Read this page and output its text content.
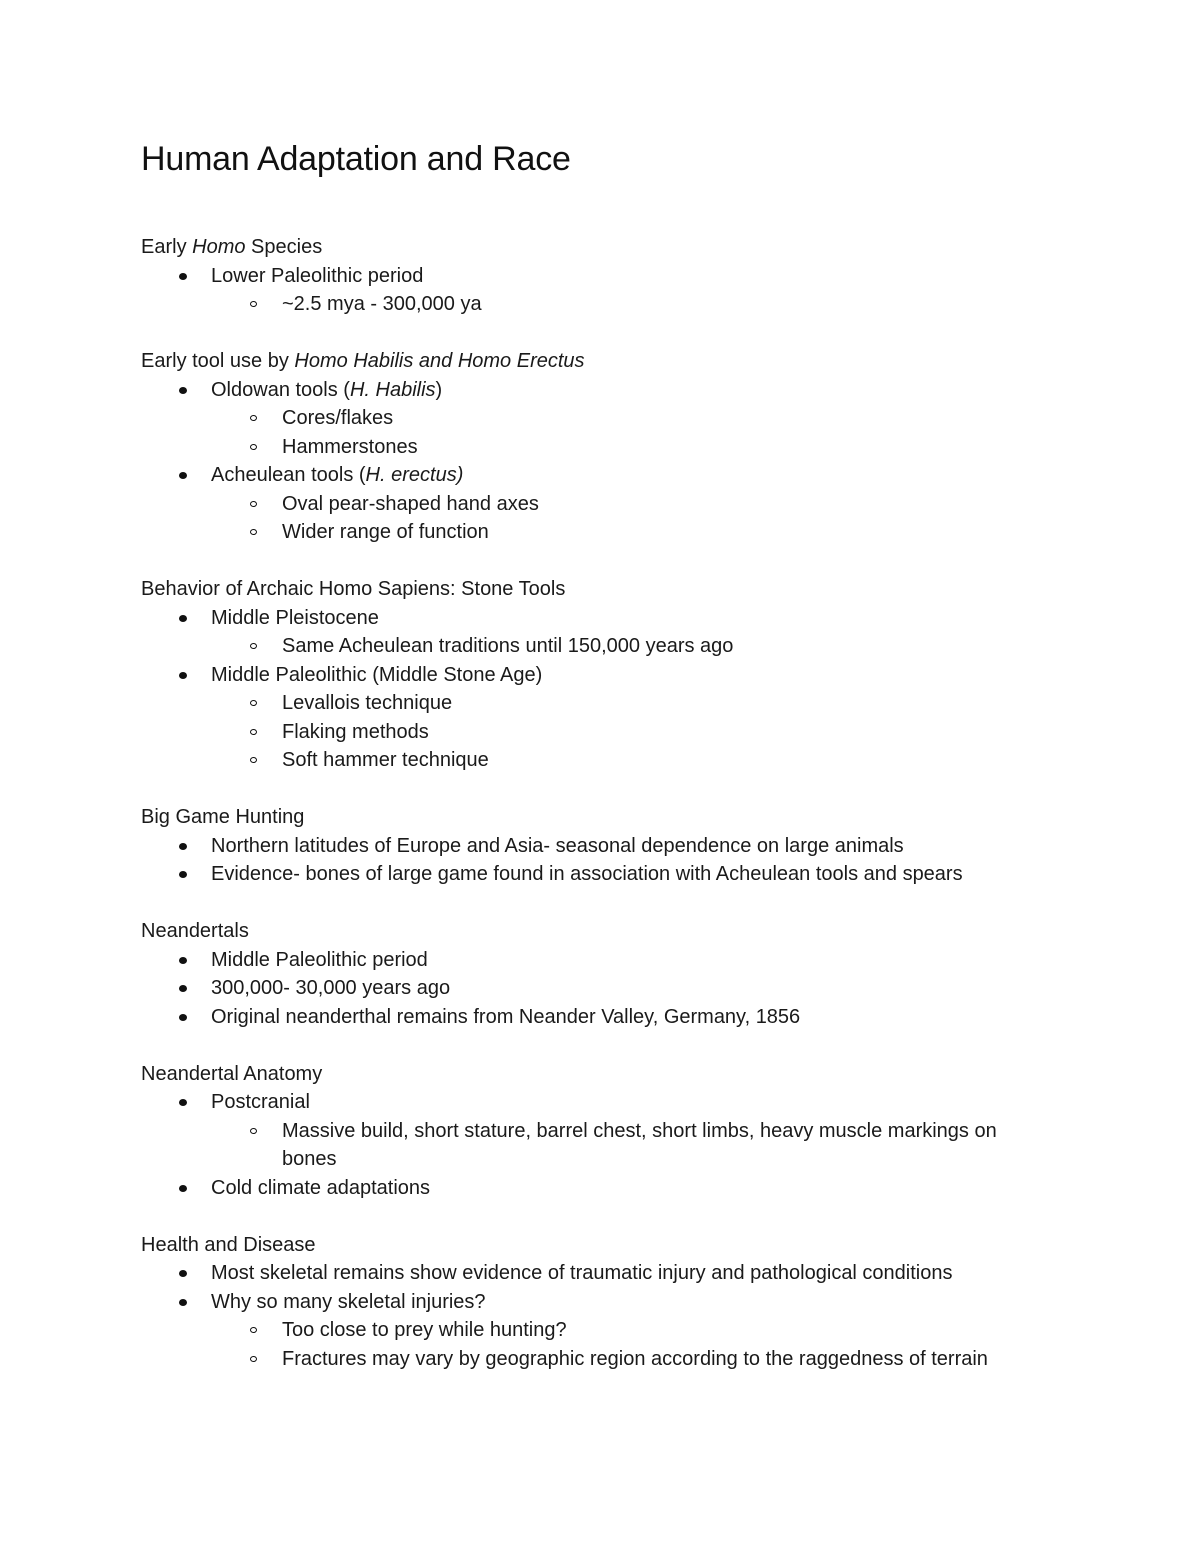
Human Adaptation and Race
Early Homo Species
Lower Paleolithic period
~2.5 mya - 300,000 ya
Early tool use by Homo Habilis and Homo Erectus
Oldowan tools (H. Habilis)
Cores/flakes
Hammerstones
Acheulean tools (H. erectus)
Oval pear-shaped hand axes
Wider range of function
Behavior of Archaic Homo Sapiens: Stone Tools
Middle Pleistocene
Same Acheulean traditions until 150,000 years ago
Middle Paleolithic (Middle Stone Age)
Levallois technique
Flaking methods
Soft hammer technique
Big Game Hunting
Northern latitudes of Europe and Asia- seasonal dependence on large animals
Evidence- bones of large game found in association with Acheulean tools and spears
Neandertals
Middle Paleolithic period
300,000- 30,000 years ago
Original neanderthal remains from Neander Valley, Germany, 1856
Neandertal Anatomy
Postcranial
Massive build, short stature, barrel chest, short limbs, heavy muscle markings on bones
Cold climate adaptations
Health and Disease
Most skeletal remains show evidence of traumatic injury and pathological conditions
Why so many skeletal injuries?
Too close to prey while hunting?
Fractures may vary by geographic region according to the raggedness of terrain
